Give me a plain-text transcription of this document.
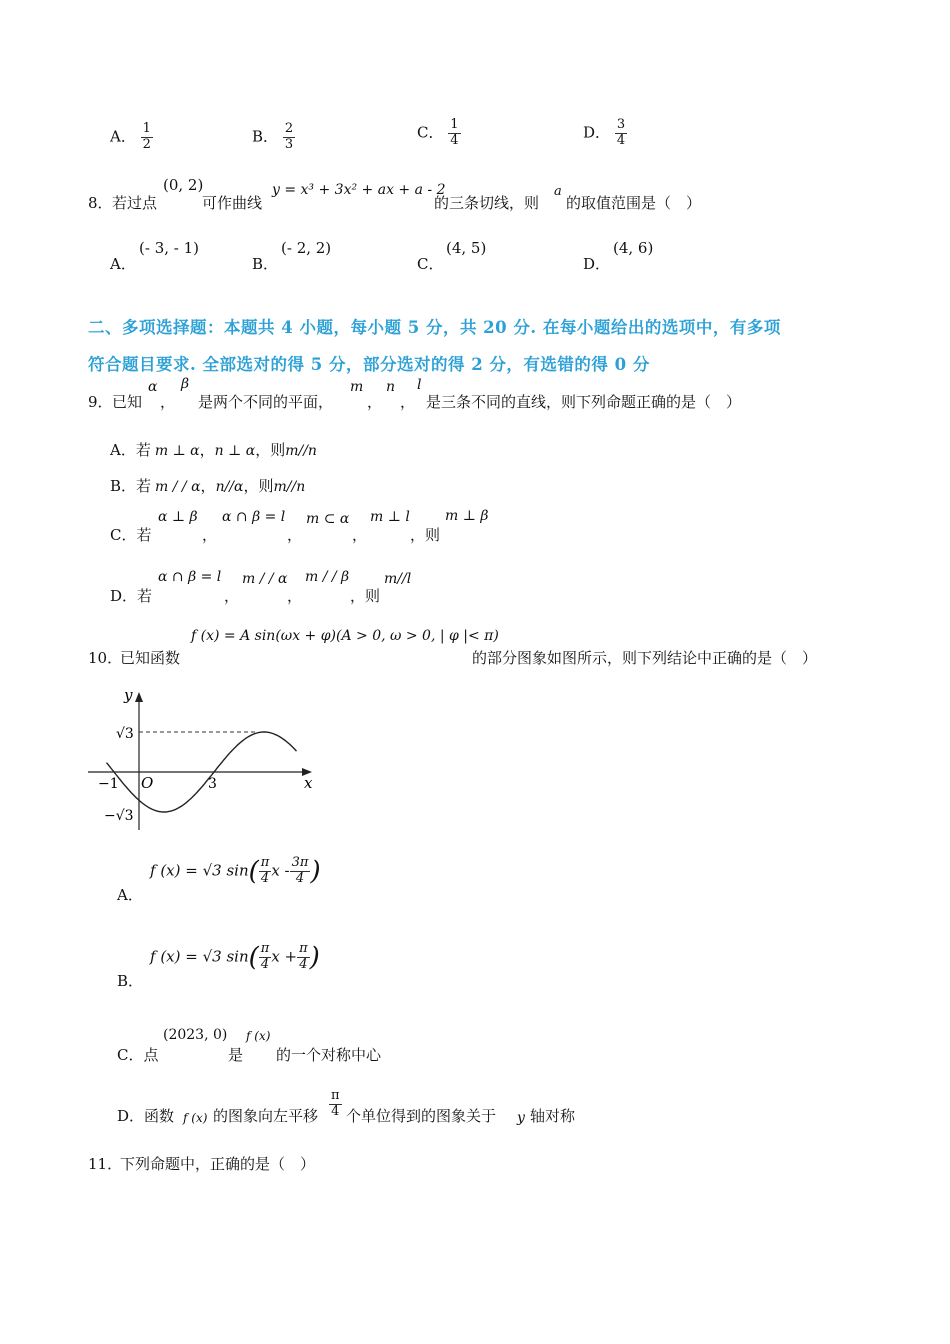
A． $\frac{1}{2}$	B． $\frac{2}{3}$	C． $\frac{1}{4}$	D． $\frac{3}{4}$
8． 若过点
(0, 2)
可作曲线
y = x³ + 3x² + ax + a - 2
的三条切线，则
a
的取值范围是（　）
A．
(- 3, - 1)
B．
(- 2, 2)
C．
(4, 5)
D．
(4, 6)
二、多项选择题：本题共 4 小题，每小题 5 分，共 20 分. 在每小题给出的选项中，有多项
符合题目要求. 全部选对的得 5 分，部分选对的得 2 分，有选错的得 0 分
9． 已知
α
，
β
是两个不同的平面，
m
，
n
，
l
是三条不同的直线，则下列命题正确的是（　）
A．若 m ⊥ α，n ⊥ α，则m//n
B．若 m / / α，n//α，则m//n
C．若
α ⊥ β
，
α ∩ β = l
，
m ⊂ α
，
m ⊥ l
，则
m ⊥ β
D．若
α ∩ β = l
，
m / / α
，
m / / β
，则
m//l
10．
已知函数
f (x) = A sin(ωx + φ)(A > 0, ω > 0, | φ |< π)
的部分图象如图所示，则下列结论中正确的是（　）
y
x
O
−1	3
√3
−√3
A．
f (x) = √3 $\sin( \frac{\pi}{4}$ x - $\frac{3\pi}{4}$ )
B．
f (x) = √3 $\sin( \frac{\pi}{4}$ $x + \frac{\pi}{4}$ )
C．点
(2023, 0)
是
f (x)
的一个对称中心
D．函数 f (x) 的图象向左平移 $\frac{\pi}{4}$ 个单位得到的图象关于 y 轴对称
11．
下列命题中，正确的是（　）
